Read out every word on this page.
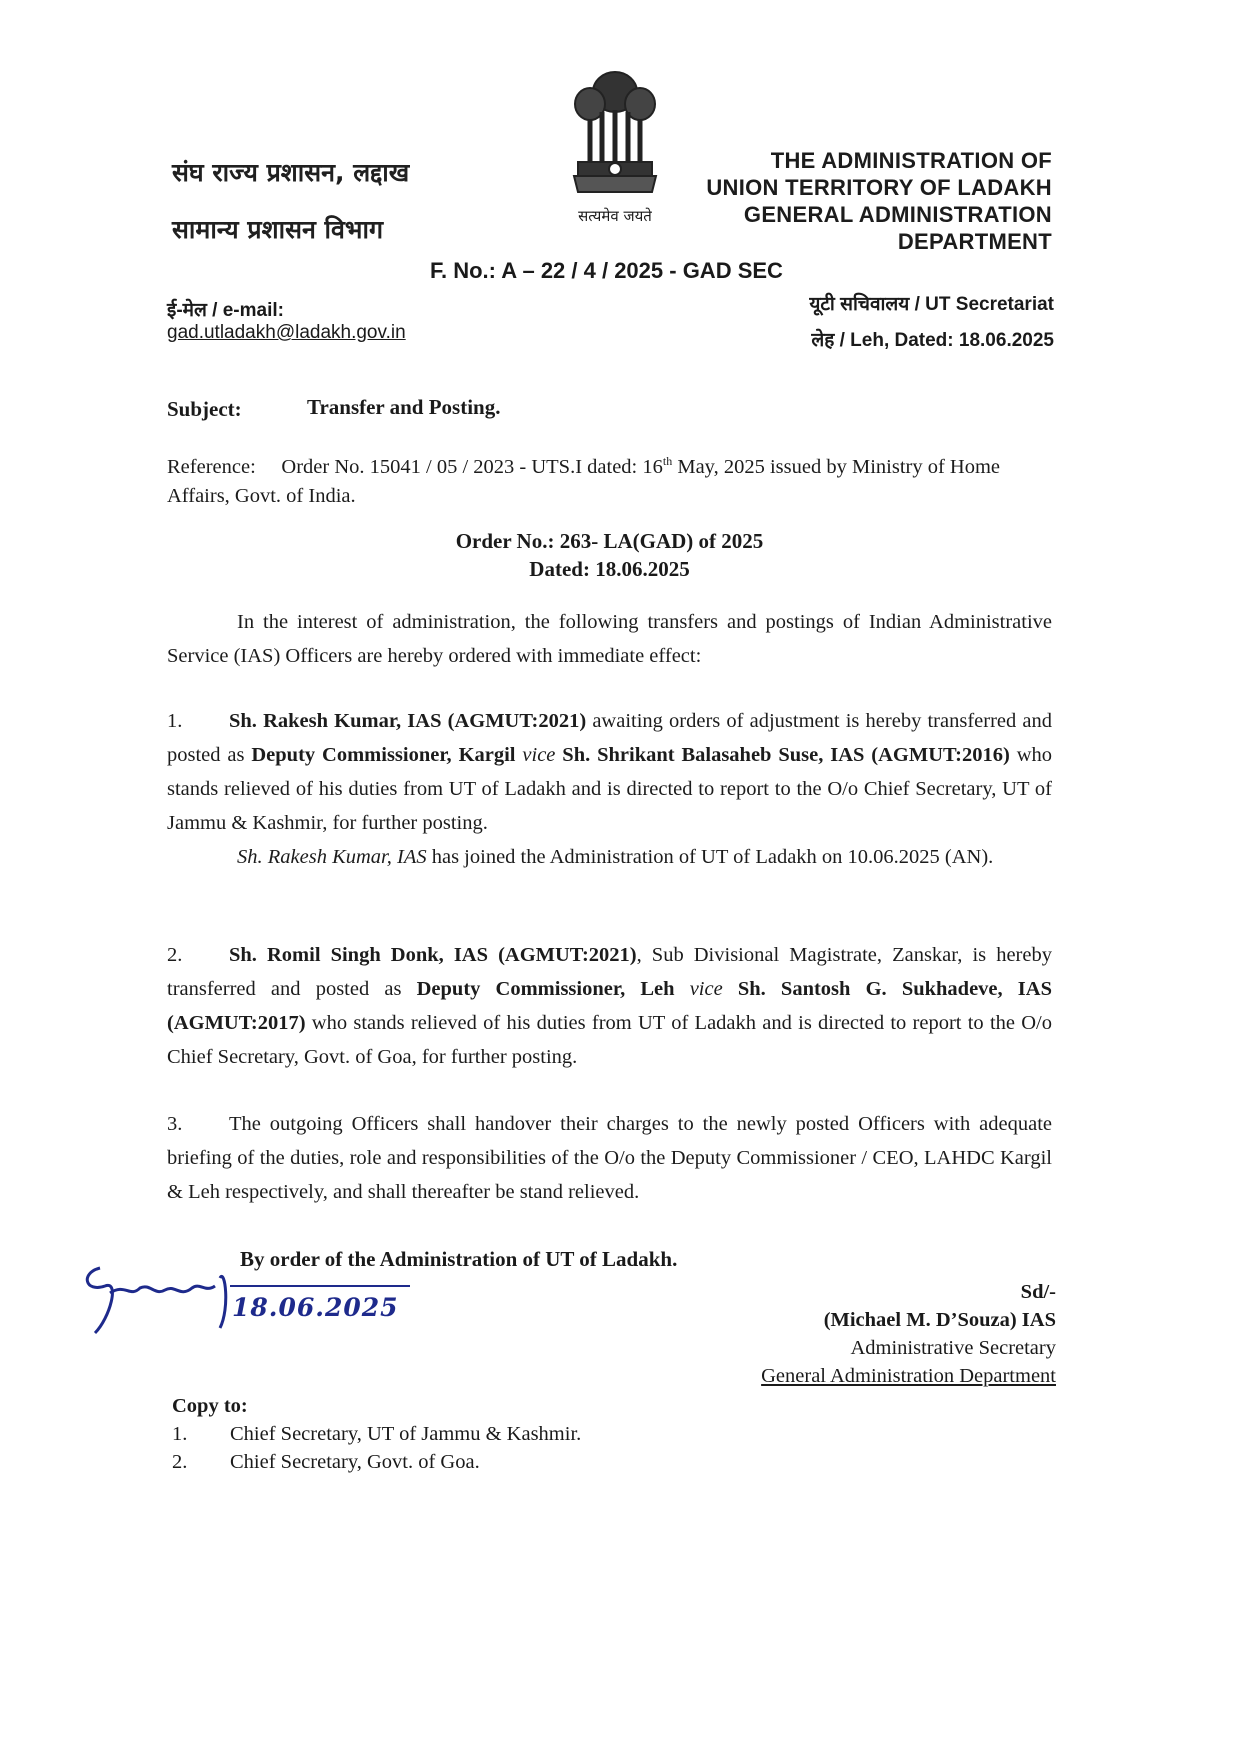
संघ राज्य प्रशासन, लद्दाख
सामान्य प्रशासन विभाग	सत्यमेव जयते
THE ADMINISTRATION OF
UNION TERRITORY OF LADAKH
GENERAL ADMINISTRATION
DEPARTMENT
F. No.: A – 22 / 4 / 2025 - GAD SEC
ई-मेल / e-mail:
gad.utladakh@ladakh.gov.in
यूटी सचिवालय / UT Secretariat
लेह / Leh, Dated: 18.06.2025
Subject:	Transfer and Posting.
Reference: Order No. 15041 / 05 / 2023 - UTS.I dated: 16th May, 2025 issued by Ministry of Home Affairs, Govt. of India.
Order No.: 263- LA(GAD) of 2025
Dated: 18.06.2025
In the interest of administration, the following transfers and postings of Indian Administrative Service (IAS) Officers are hereby ordered with immediate effect:
1. Sh. Rakesh Kumar, IAS (AGMUT:2021) awaiting orders of adjustment is hereby transferred and posted as Deputy Commissioner, Kargil vice Sh. Shrikant Balasaheb Suse, IAS (AGMUT:2016) who stands relieved of his duties from UT of Ladakh and is directed to report to the O/o Chief Secretary, UT of Jammu & Kashmir, for further posting.
Sh. Rakesh Kumar, IAS has joined the Administration of UT of Ladakh on 10.06.2025 (AN).
2. Sh. Romil Singh Donk, IAS (AGMUT:2021), Sub Divisional Magistrate, Zanskar, is hereby transferred and posted as Deputy Commissioner, Leh vice Sh. Santosh G. Sukhadeve, IAS (AGMUT:2017) who stands relieved of his duties from UT of Ladakh and is directed to report to the O/o Chief Secretary, Govt. of Goa, for further posting.
3. The outgoing Officers shall handover their charges to the newly posted Officers with adequate briefing of the duties, role and responsibilities of the O/o the Deputy Commissioner / CEO, LAHDC Kargil & Leh respectively, and shall thereafter be stand relieved.
By order of the Administration of UT of Ladakh.
18.06.2025
Sd/-
(Michael M. D’Souza) IAS
Administrative Secretary
General Administration Department
Copy to:
1.	Chief Secretary, UT of Jammu & Kashmir.
2.	Chief Secretary, Govt. of Goa.
